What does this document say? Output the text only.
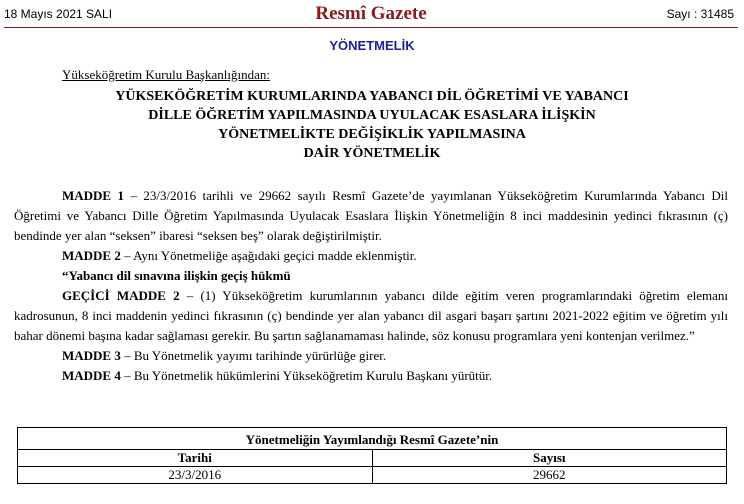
18 Mayıs 2021 SALI	Resmî Gazete	Sayı : 31485
YÖNETMELİK
Yükseköğretim Kurulu Başkanlığından:
YÜKSEKÖĞRETİM KURUMLARINDA YABANCI DİL ÖĞRETİMİ VE YABANCI
DİLLE ÖĞRETİM YAPILMASINDA UYULACAK ESASLARA İLİŞKİN
YÖNETMELİKTE DEĞİŞİKLİK YAPILMASINA
DAİR YÖNETMELİK

MADDE 1 – 23/3/2016 tarihli ve 29662 sayılı Resmî Gazete’de yayımlanan Yükseköğretim Kurumlarında Yabancı Dil Öğretimi ve Yabancı Dille Öğretim Yapılmasında Uyulacak Esaslara İlişkin Yönetmeliğin 8 inci maddesinin yedinci fıkrasının (ç) bendinde yer alan “seksen” ibaresi “seksen beş” olarak değiştirilmiştir.

MADDE 2 – Aynı Yönetmeliğe aşağıdaki geçici madde eklenmiştir.

“Yabancı dil sınavına ilişkin geçiş hükmü

GEÇİCİ MADDE 2 – (1) Yükseköğretim kurumlarının yabancı dilde eğitim veren programlarındaki öğretim elemanı kadrosunun, 8 inci maddenin yedinci fıkrasının (ç) bendinde yer alan yabancı dil asgari başarı şartını 2021-2022 eğitim ve öğretim yılı bahar dönemi başına kadar sağlaması gerekir. Bu şartın sağlanamaması halinde, söz konusu programlara yeni kontenjan verilmez.”

MADDE 3 – Bu Yönetmelik yayımı tarihinde yürürlüğe girer.

MADDE 4 – Bu Yönetmelik hükümlerini Yükseköğretim Kurulu Başkanı yürütür.

Yönetmeliğin Yayımlandığı Resmî Gazete’nin	
Tarihi	Sayısı
23/3/2016	29662
